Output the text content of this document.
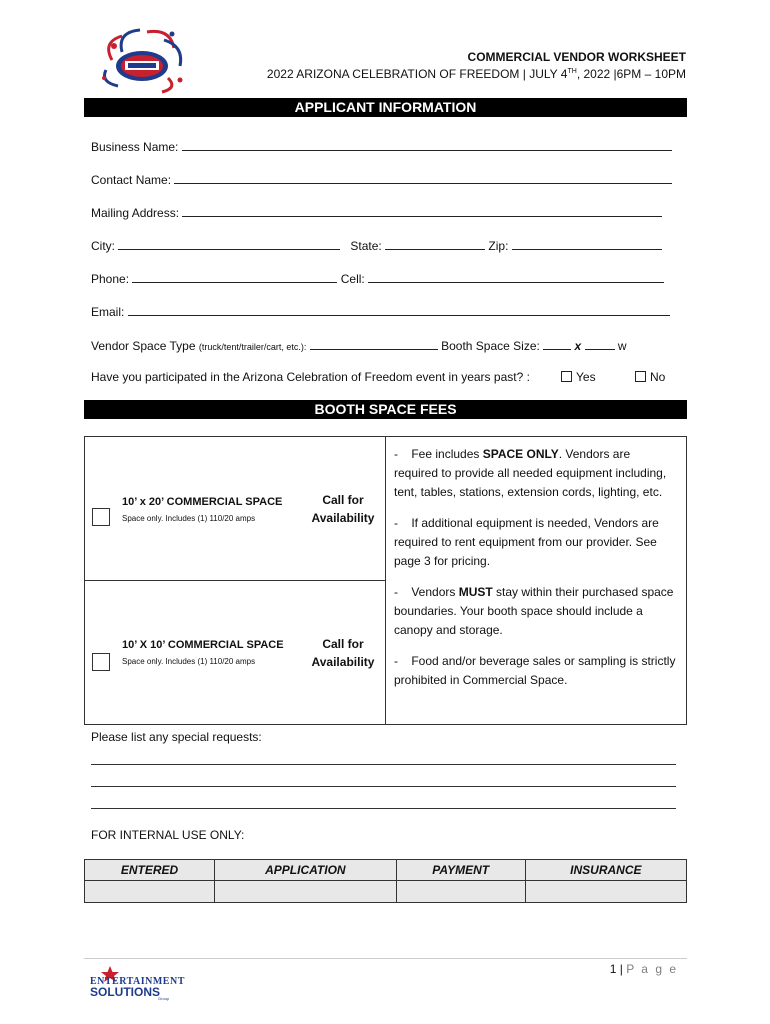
COMMERCIAL VENDOR WORKSHEET
2022 ARIZONA CELEBRATION OF FREEDOM | JULY 4TH, 2022 |6PM – 10PM
APPLICANT INFORMATION
Business Name:
Contact Name:
Mailing Address:
City:	State:	Zip:
Phone:	Cell:
Email:
Vendor Space Type (truck/tent/trailer/cart, etc.):	Booth Space Size:	x	w
Have you participated in the Arizona Celebration of Freedom event in years past? :	Yes	No
BOOTH SPACE FEES
10’ x 20’ COMMERCIAL SPACE
Space only. Includes (1) 110/20 amps
Call for
Availability

-    Fee includes SPACE ONLY. Vendors are required to provide all needed equipment including, tent, tables, stations, extension cords, lighting, etc.

-    If additional equipment is needed, Vendors are required to rent equipment from our provider. See page 3 for pricing.

-    Vendors MUST stay within their purchased space boundaries. Your booth space should include a canopy and storage.

-    Food and/or beverage sales or sampling is strictly prohibited in Commercial Space.

10’ X 10’ COMMERCIAL SPACE
Space only. Includes (1) 110/20 amps
Call for
Availability
Please list any special requests:
FOR INTERNAL USE ONLY:
ENTERED	APPLICATION	PAYMENT	INSURANCE

ENTERTAINMENT
SOLUTIONS
Group
1 | P a g e
